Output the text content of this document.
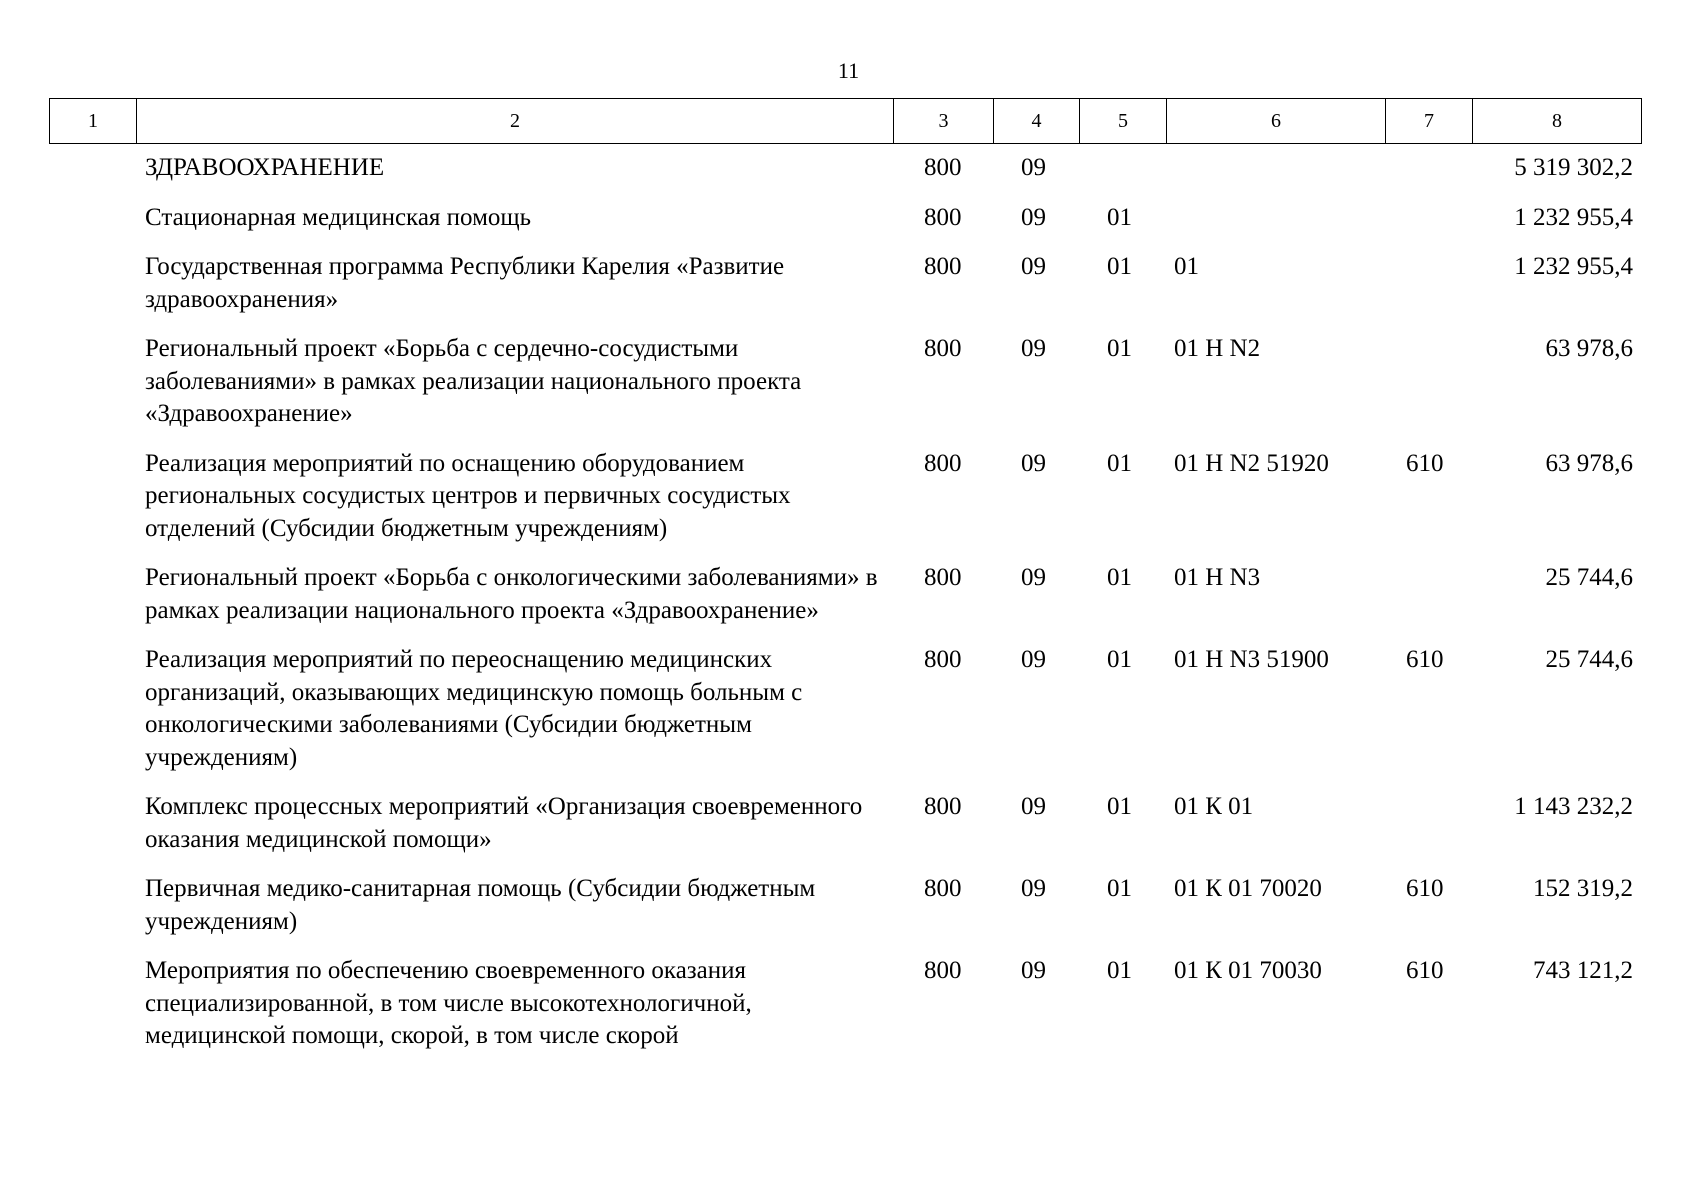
11
1	2	3	4	5	6	7	8
	ЗДРАВООХРАНЕНИЕ	800	09				5 319 302,2
	Стационарная медицинская помощь	800	09	01			1 232 955,4
	Государственная программа Республики Карелия «Развитие здравоохранения»	800	09	01	01		1 232 955,4
	Региональный проект «Борьба с сердечно-сосудистыми заболеваниями» в рамках реализации национального проекта «Здравоохранение»	800	09	01	01 Н N2		63 978,6
	Реализация мероприятий по оснащению оборудованием региональных сосудистых центров и первичных сосудистых отделений (Субсидии бюджетным учреждениям)	800	09	01	01 Н N2 51920	610	63 978,6
	Региональный проект «Борьба с онкологическими заболеваниями» в рамках реализации национального проекта «Здравоохранение»	800	09	01	01 Н N3		25 744,6
	Реализация мероприятий по переоснащению медицинских организаций, оказывающих медицинскую помощь больным с онкологическими заболеваниями (Субсидии бюджетным учреждениям)	800	09	01	01 Н N3 51900	610	25 744,6
	Комплекс процессных мероприятий «Организация своевременного оказания медицинской помощи»	800	09	01	01 К 01		1 143 232,2
	Первичная медико-санитарная помощь (Субсидии бюджетным учреждениям)	800	09	01	01 К 01 70020	610	152 319,2
	Мероприятия по обеспечению своевременного оказания специализированной, в том числе высокотехнологичной, медицинской помощи, скорой, в том числе скорой	800	09	01	01 К 01 70030	610	743 121,2
